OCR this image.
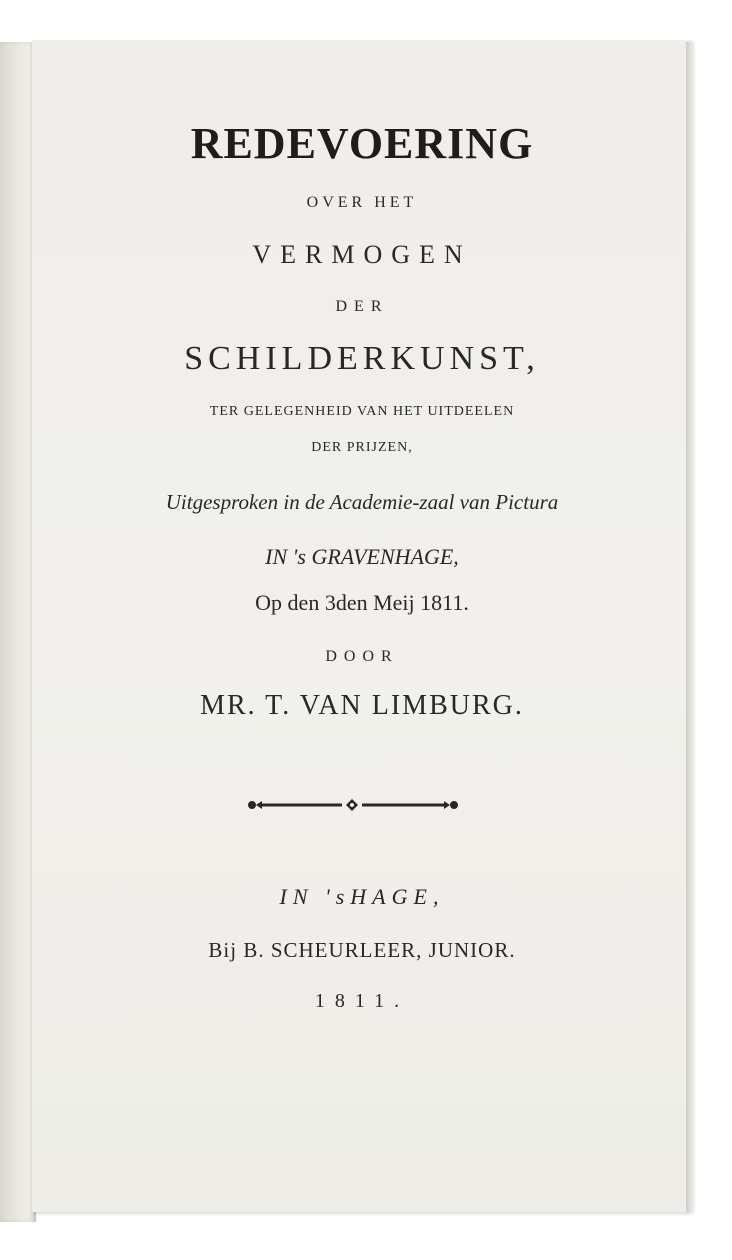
REDEVOERING
OVER HET
VERMOGEN
DER
SCHILDERKUNST,
TER GELEGENHEID VAN HET UITDEELEN
DER PRIJZEN,
Uitgesproken in de Academie-zaal van Pictura
IN 's GRAVENHAGE,
Op den 3den Meij 1811.
DOOR
MR. T. VAN LIMBURG.
IN 'sHAGE,
Bij B. SCHEURLEER, JUNIOR.
1811.
